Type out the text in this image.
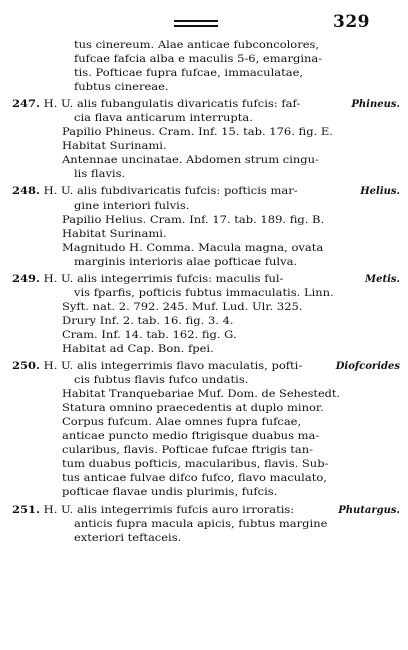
329
tus cinereum. Alae anticae fubconcolores,
fufcae fafcia alba e maculis 5-6, emargina-
tis. Pofticae fupra fufcae, immaculatae,
fubtus cinereae.
247. H. U. alis fubangulatis divaricatis fufcis: faf-	Phineus.
cia flava anticarum interrupta.
Papilio Phineus. Cram. Inf. 15. tab. 176. fig. E.
Habitat Surinami.
Antennae uncinatae. Abdomen strum cingu-
lis flavis.
248. H. U. alis fubdivaricatis fufcis: pofticis mar-	Helius.
gine interiori fulvis.
Papilio Helius. Cram. Inf. 17. tab. 189. fig. B.
Habitat Surinami.
Magnitudo H. Comma. Macula magna, ovata
marginis interioris alae pofticae fulva.
249. H. U. alis integerrimis fufcis: maculis ful-	Metis.
vis fparfis, pofticis fubtus immaculatis. Linn.
Syft. nat. 2. 792. 245. Muf. Lud. Ulr. 325.
Drury Inf. 2. tab. 16. fig. 3. 4.
Cram. Inf. 14. tab. 162. fig. G.
Habitat ad Cap. Bon. fpei.
250. H. U. alis integerrimis flavo maculatis, pofti-	Diofcorides
cis fubtus flavis fufco undatis.
Habitat Tranquebariae Muf. Dom. de Sehestedt.
Statura omnino praecedentis at duplo minor.
Corpus fufcum. Alae omnes fupra fufcae,
anticae puncto medio ftrigisque duabus ma-
cularibus, flavis. Pofticae fufcae ftrigis tan-
tum duabus pofticis, macularibus, flavis. Sub-
tus anticae fulvae difco fufco, flavo maculato,
pofticae flavae undis plurimis, fufcis.
251. H. U. alis integerrimis fufcis auro irroratis:	Phutargus.
anticis fupra macula apicis, fubtus margine
exteriori teftaceis.
